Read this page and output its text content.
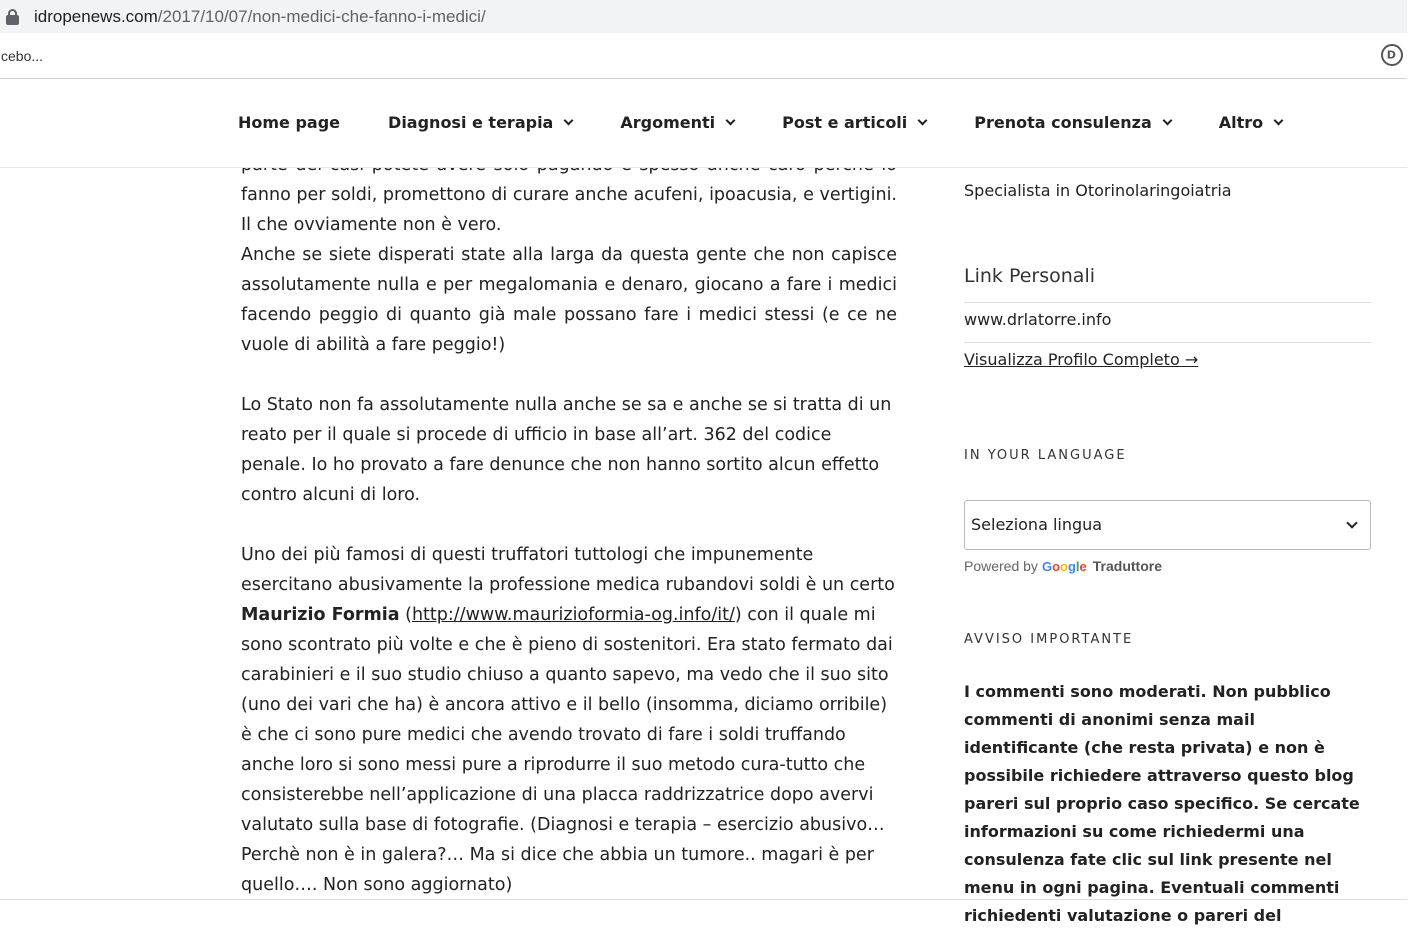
idropenews.com/2017/10/07/non-medici-che-fanno-i-medici/
cebo...	D
Home page	Diagnosi e terapia	Argomenti	Post e articoli	Prenota consulenza	Altro

fanno per soldi, promettono di curare anche acufeni, ipoacusia, e vertigini. Il che ovviamente non è vero.
Anche se siete disperati state alla larga da questa gente che non capisce assolutamente nulla e per megalomania e denaro, giocano a fare i medici facendo peggio di quanto già male possano fare i medici stessi (e ce ne vuole di abilità a fare peggio!)

Lo Stato non fa assolutamente nulla anche se sa e anche se si tratta di un reato per il quale si procede di ufficio in base all’art. 362 del codice penale. Io ho provato a fare denunce che non hanno sortito alcun effetto contro alcuni di loro.

Uno dei più famosi di questi truffatori tuttologi che impunemente esercitano abusivamente la professione medica rubandovi soldi è un certo Maurizio Formia (http://www.maurizioformia-og.info/it/) con il quale mi sono scontrato più volte e che è pieno di sostenitori. Era stato fermato dai carabinieri e il suo studio chiuso a quanto sapevo, ma vedo che il suo sito (uno dei vari che ha) è ancora attivo e il bello (insomma, diciamo orribile) è che ci sono pure medici che avendo trovato di fare i soldi truffando anche loro si sono messi pure a riprodurre il suo metodo cura-tutto che consisterebbe nell’applicazione di una placca raddrizzatrice dopo avervi valutato sulla base di fotografie. (Diagnosi e terapia – esercizio abusivo… Perchè non è in galera?… Ma si dice che abbia un tumore.. magari è per quello…. Non sono aggiornato)

Specialista in Otorinolaringoiatria
Link Personali
www.drlatorre.info
Visualizza Profilo Completo →
IN YOUR LANGUAGE
Seleziona lingua
Powered by Google Traduttore
AVVISO IMPORTANTE
I commenti sono moderati. Non pubblico commenti di anonimi senza mail identificante (che resta privata) e non è possibile richiedere attraverso questo blog pareri sul proprio caso specifico. Se cercate informazioni su come richiedermi una consulenza fate clic sul link presente nel menu in ogni pagina. Eventuali commenti richiedenti valutazione o pareri del
